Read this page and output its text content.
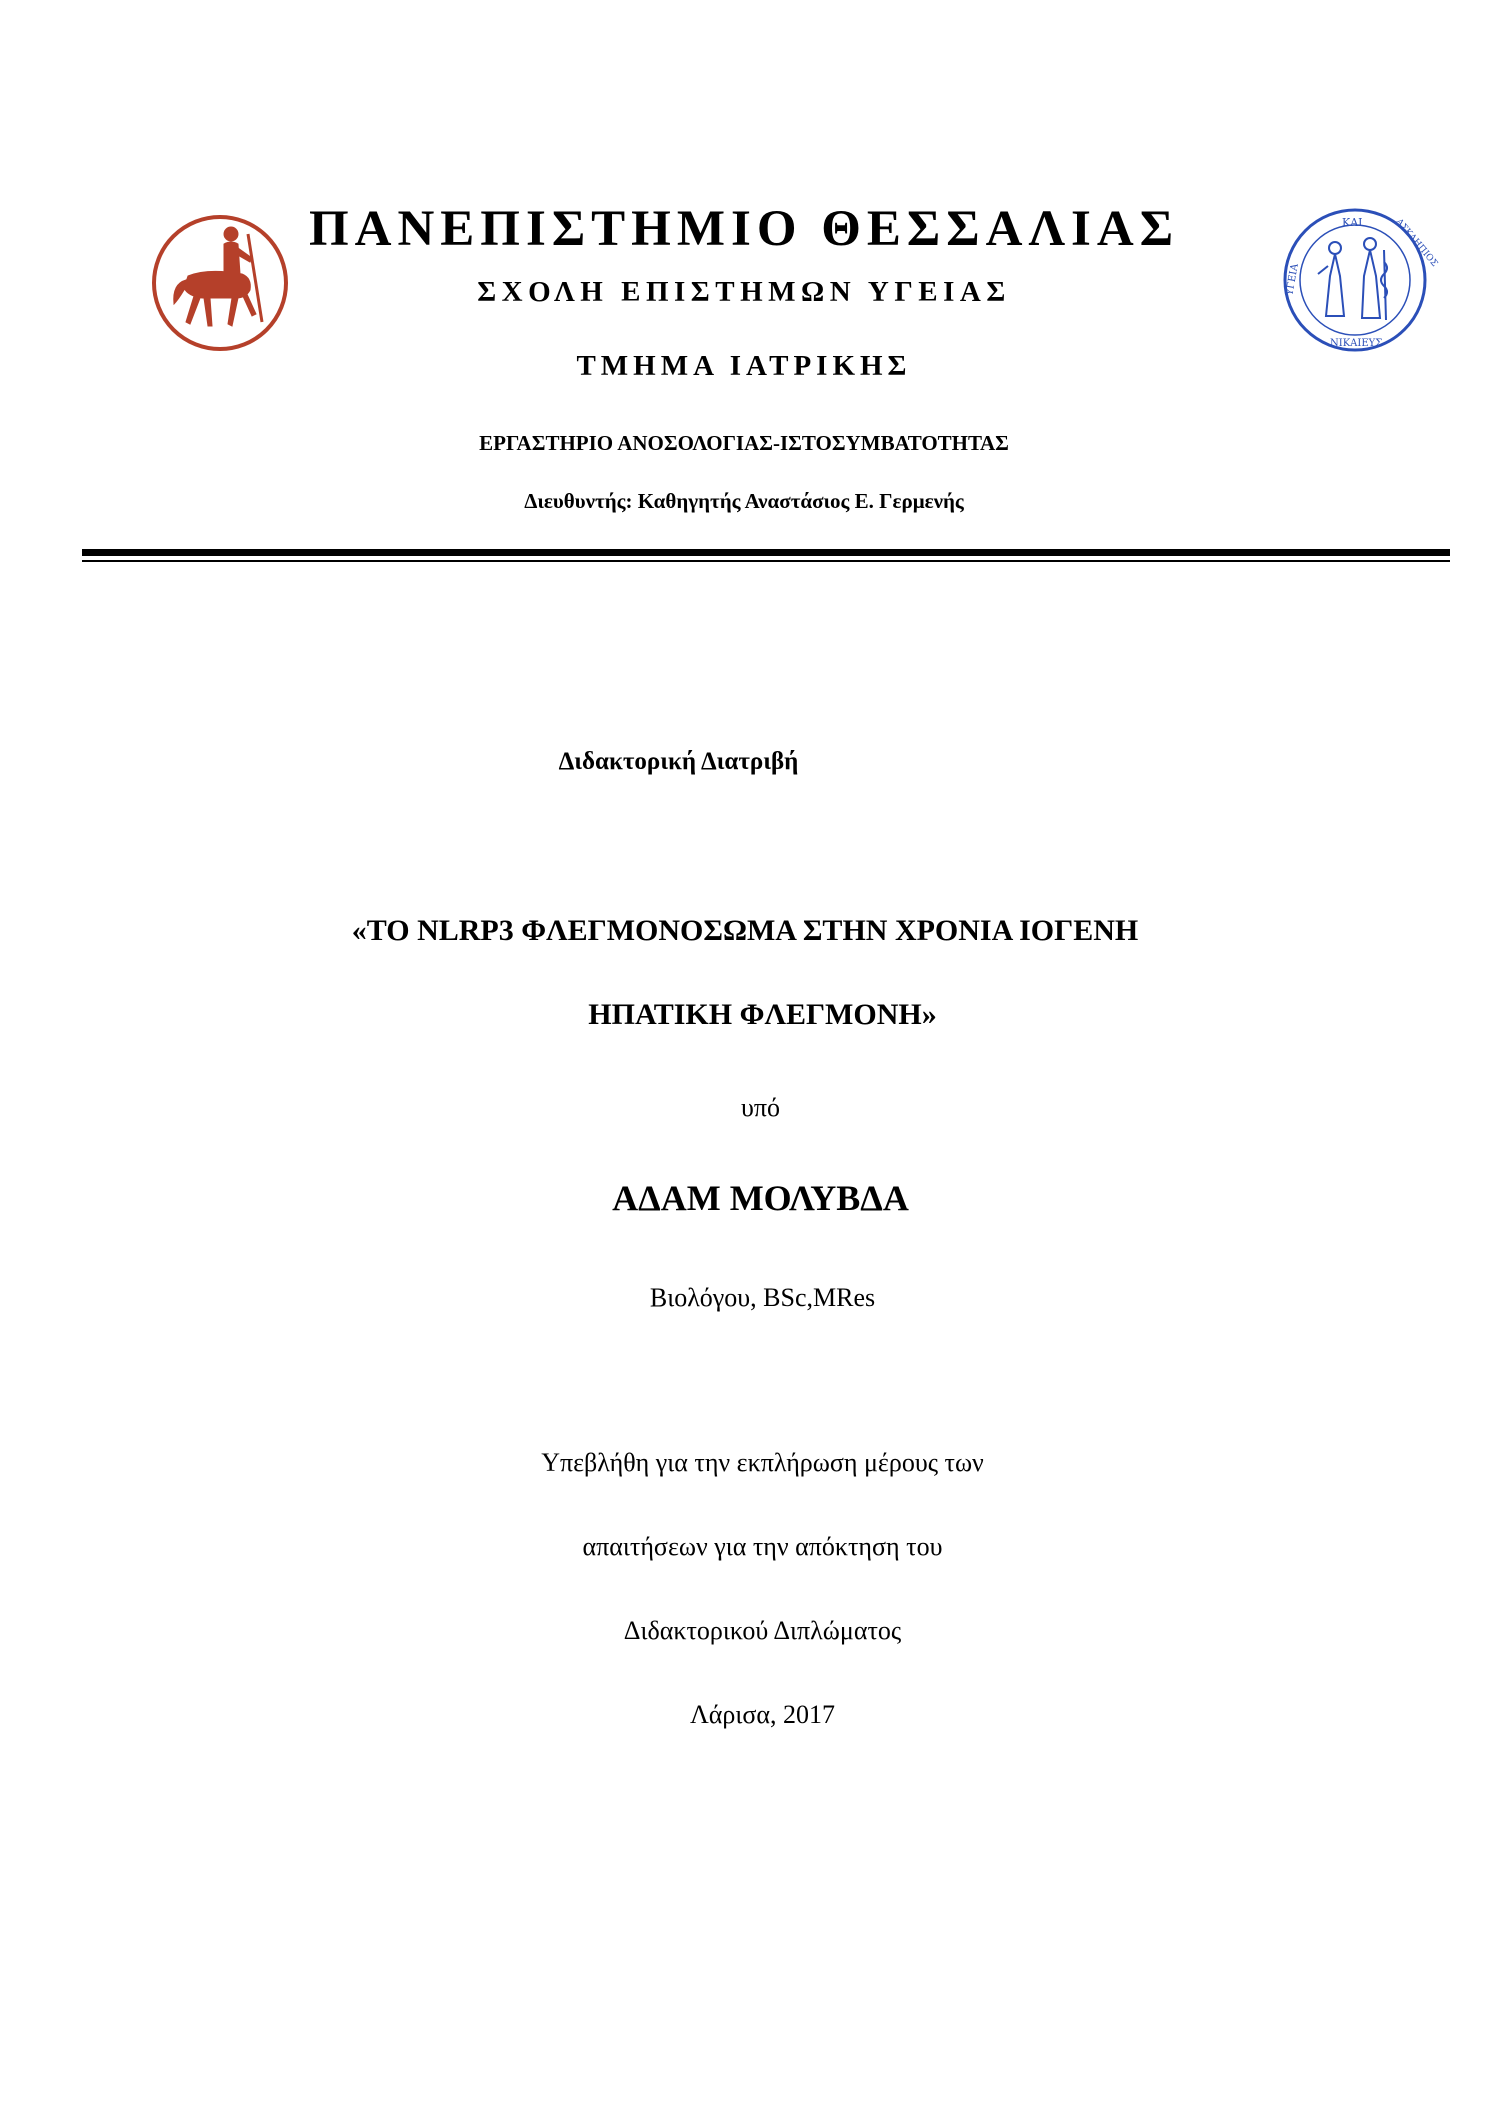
ΚΑΙ	ΑΣΚΛΗΠΙΟΣ
ΥΓΕΙΑ
ΝΙΚΑΙΕΥΣ
ΠΑΝΕΠΙΣΤΗΜΙΟ ΘΕΣΣΑΛΙΑΣ
ΣΧΟΛΗ ΕΠΙΣΤΗΜΩΝ ΥΓΕΙΑΣ
ΤΜΗΜΑ ΙΑΤΡΙΚΗΣ
ΕΡΓΑΣΤΗΡΙΟ ΑΝΟΣΟΛΟΓΙΑΣ-ΙΣΤΟΣΥΜΒΑΤΟΤΗΤΑΣ
Διευθυντής: Καθηγητής Αναστάσιος Ε. Γερμενής
Διδακτορική Διατριβή
«ΤΟ NLRP3 ΦΛΕΓΜΟΝΟΣΩΜΑ ΣΤΗΝ ΧΡΟΝΙΑ ΙΟΓΕΝΗ
ΗΠΑΤΙΚΗ ΦΛΕΓΜΟΝΗ»
υπό
ΑΔΑΜ ΜΟΛΥΒΔΑ
Βιολόγου, BSc,MRes
Υπεβλήθη για την εκπλήρωση μέρους των
απαιτήσεων για την απόκτηση του
Διδακτορικού Διπλώματος
Λάρισα, 2017
